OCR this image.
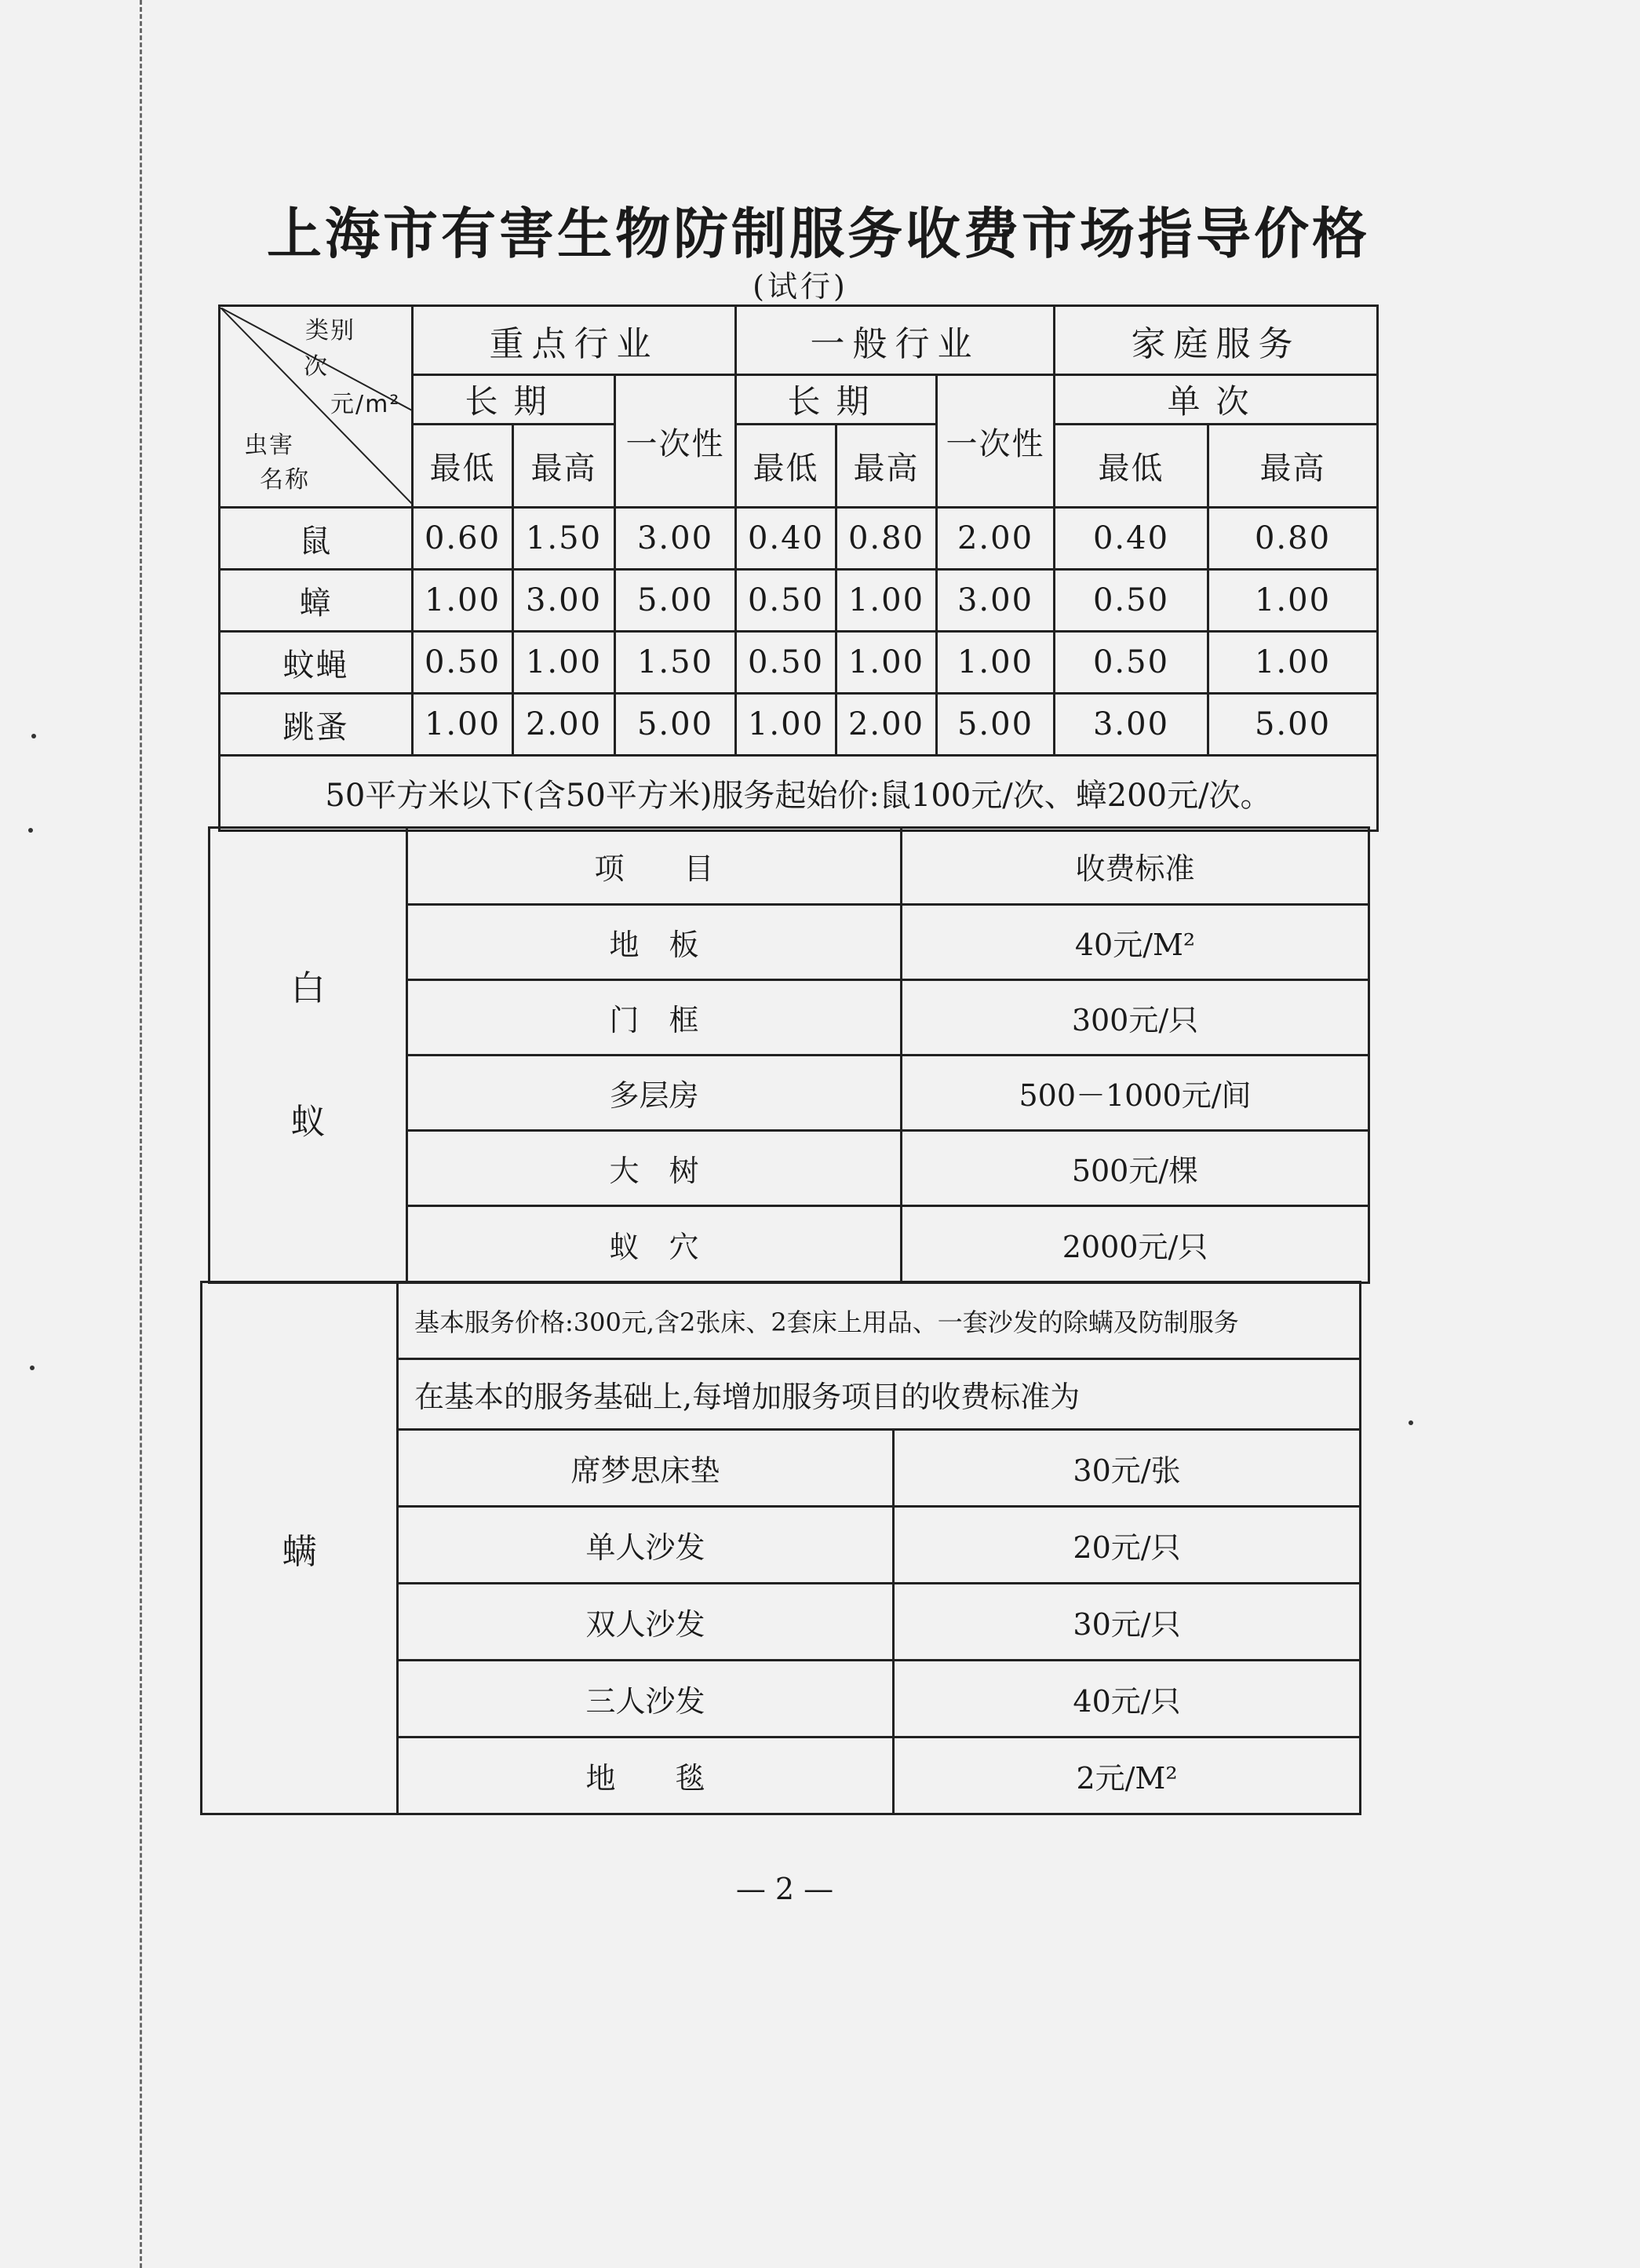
上海市有害生物防制服务收费市场指导价格
(试行)
类别
次
元/m²
虫害
名称	重点行业			一般行业			家庭服务	
	长期		一次性	长期		一次性	单次	
	最低	最高		最低	最高		最低	最高
鼠	0.60	1.50	3.00	0.40	0.80	2.00	0.40	0.80
蟑	1.00	3.00	5.00	0.50	1.00	3.00	0.50	1.00
蚊蝇	0.50	1.00	1.50	0.50	1.00	1.00	0.50	1.00
跳蚤	1.00	2.00	5.00	1.00	2.00	5.00	3.00	5.00
50平方米以下(含50平方米)服务起始价:鼠100元/次、蟑200元/次。								
白
蚁	项　　目	收费标准
	地　板	40元/M²
	门　框	300元/只
	多层房	500－1000元/间
	大　树	500元/棵
	蚁　穴	2000元/只
螨	基本服务价格:300元,含2张床、2套床上用品、一套沙发的除螨及防制服务	
	在基本的服务基础上,每增加服务项目的收费标准为	
	席梦思床垫	30元/张
	单人沙发	20元/只
	双人沙发	30元/只
	三人沙发	40元/只
	地　　毯	2元/M²
— 2 —
